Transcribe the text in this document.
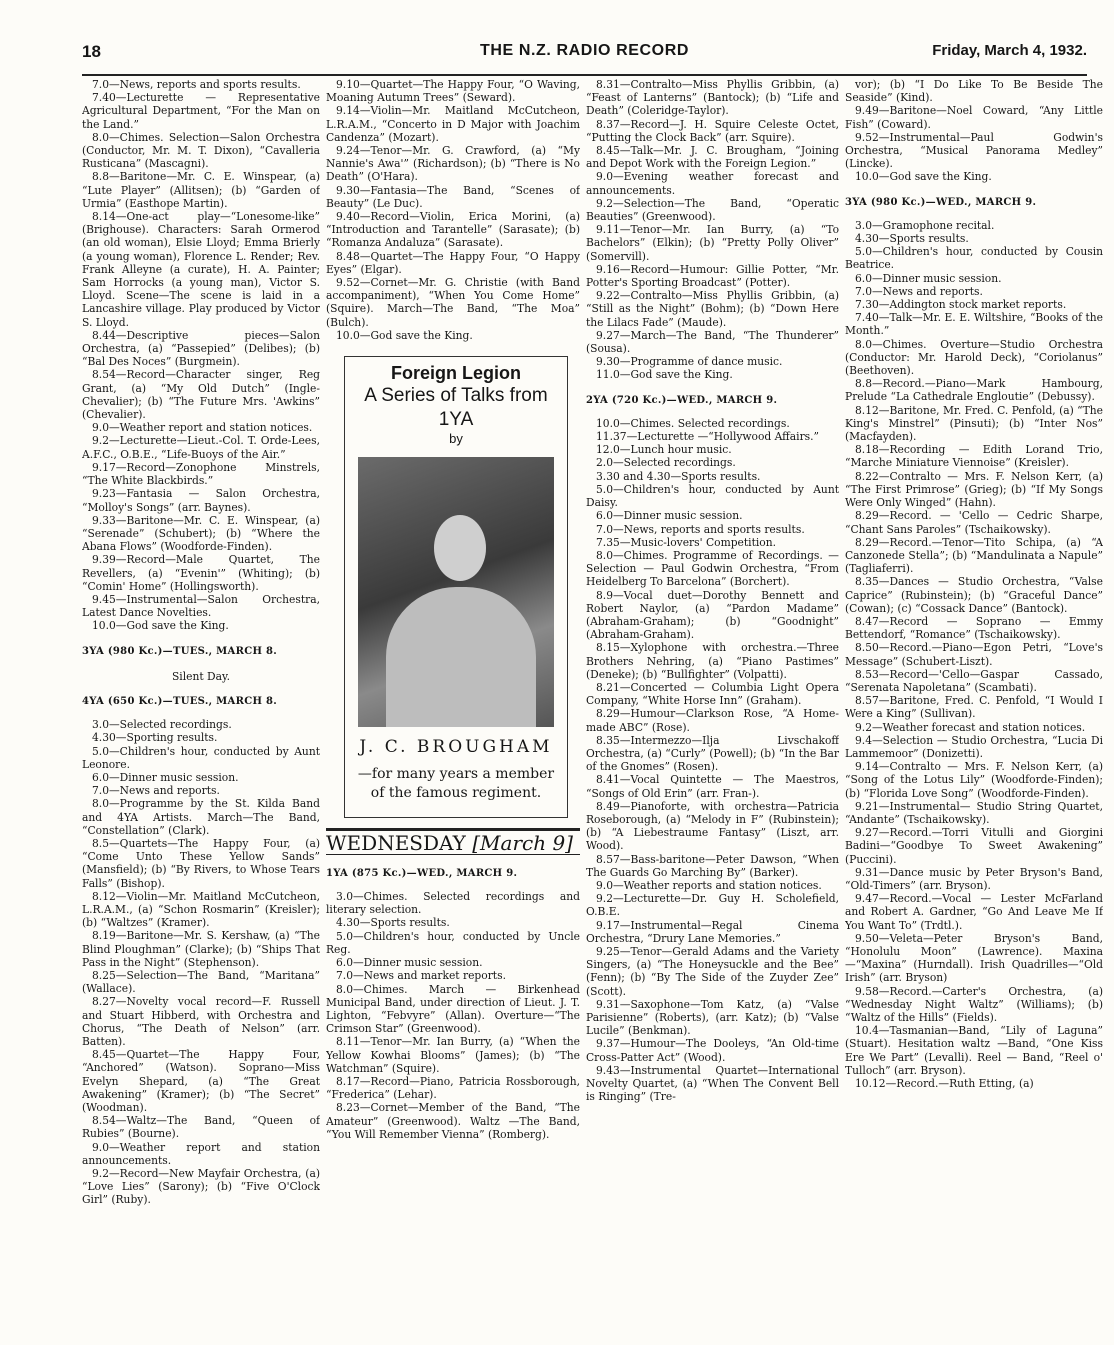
18	THE N.Z. RADIO RECORD	Friday, March 4, 1932.

7.0—News, reports and sports results.

7.40—Lecturette — Representative Agricultural Department, “For the Man on the Land.”

8.0—Chimes. Selection—Salon Orchestra (Conductor, Mr. M. T. Dixon), “Cavalleria Rusticana” (Mascagni).

8.8—Baritone—Mr. C. E. Winspear, (a) “Lute Player” (Allitsen); (b) “Garden of Urmia” (Easthope Martin).

8.14—One-act play—“Lonesome-like” (Brighouse). Characters: Sarah Ormerod (an old woman), Elsie Lloyd; Emma Brierly (a young woman), Florence L. Render; Rev. Frank Alleyne (a curate), H. A. Painter; Sam Horrocks (a young man), Victor S. Lloyd. Scene—The scene is laid in a Lancashire village. Play produced by Victor S. Lloyd.

8.44—Descriptive pieces—Salon Orchestra, (a) “Passepied” (Delibes); (b) “Bal Des Noces” (Burgmein).

8.54—Record—Character singer, Reg Grant, (a) “My Old Dutch” (Ingle-Chevalier); (b) “The Future Mrs. 'Awkins” (Chevalier).

9.0—Weather report and station notices.

9.2—Lecturette—Lieut.-Col. T. Orde-Lees, A.F.C., O.B.E., “Life-Buoys of the Air.”

9.17—Record—Zonophone Minstrels, “The White Blackbirds.”

9.23—Fantasia — Salon Orchestra, “Molloy's Songs” (arr. Baynes).

9.33—Baritone—Mr. C. E. Winspear, (a) “Serenade” (Schubert); (b) “Where the Abana Flows” (Woodforde-Finden).

9.39—Record—Male Quartet, The Revellers, (a) “Evenin'” (Whiting); (b) “Comin' Home” (Hollingsworth).

9.45—Instrumental—Salon Orchestra, Latest Dance Novelties.

10.0—God save the King.

3YA (980 Kc.)—TUES., MARCH 8.

Silent Day.

4YA (650 Kc.)—TUES., MARCH 8.

3.0—Selected recordings.

4.30—Sporting results.

5.0—Children's hour, conducted by Aunt Leonore.

6.0—Dinner music session.

7.0—News and reports.

8.0—Programme by the St. Kilda Band and 4YA Artists. March—The Band, “Constellation” (Clark).

8.5—Quartets—The Happy Four, (a) “Come Unto These Yellow Sands” (Mansfield); (b) “By Rivers, to Whose Tears Falls” (Bishop).

8.12—Violin—Mr. Maitland McCutcheon, L.R.A.M., (a) “Schon Rosmarin” (Kreisler); (b) “Waltzes” (Kramer).

8.19—Baritone—Mr. S. Kershaw, (a) “The Blind Ploughman” (Clarke); (b) “Ships That Pass in the Night” (Stephenson).

8.25—Selection—The Band, “Maritana” (Wallace).

8.27—Novelty vocal record—F. Russell and Stuart Hibberd, with Orchestra and Chorus, “The Death of Nelson” (arr. Batten).

8.45—Quartet—The Happy Four, “Anchored” (Watson). Soprano—Miss Evelyn Shepard, (a) “The Great Awakening” (Kramer); (b) “The Secret” (Woodman).

8.54—Waltz—The Band, “Queen of Rubies” (Bourne).

9.0—Weather report and station announcements.

9.2—Record—New Mayfair Orchestra, (a) “Love Lies” (Sarony); (b) “Five O'Clock Girl” (Ruby).

9.10—Quartet—The Happy Four, “O Waving, Moaning Autumn Trees” (Seward).

9.14—Violin—Mr. Maitland McCutcheon, L.R.A.M., “Concerto in D Major with Joachim Candenza” (Mozart).

9.24—Tenor—Mr. G. Crawford, (a) “My Nannie's Awa'” (Richardson); (b) “There is No Death” (O'Hara).

9.30—Fantasia—The Band, “Scenes of Beauty” (Le Duc).

9.40—Record—Violin, Erica Morini, (a) “Introduction and Tarantelle” (Sarasate); (b) “Romanza Andaluza” (Sarasate).

8.48—Quartet—The Happy Four, “O Happy Eyes” (Elgar).

9.52—Cornet—Mr. G. Christie (with Band accompaniment), “When You Come Home” (Squire). March—The Band, “The Moa” (Bulch).

10.0—God save the King.

Foreign Legion
A Series of Talks from
1YA
by
J. C. BROUGHAM
—for many years a member of the famous regiment.

WEDNESDAY [March 9]

1YA (875 Kc.)—WED., MARCH 9.

3.0—Chimes. Selected recordings and literary selection.

4.30—Sports results.

5.0—Children's hour, conducted by Uncle Reg.

6.0—Dinner music session.

7.0—News and market reports.

8.0—Chimes. March — Birkenhead Municipal Band, under direction of Lieut. J. T. Lighton, “Febvyre” (Allan). Overture—“The Crimson Star” (Greenwood).

8.11—Tenor—Mr. Ian Burry, (a) “When the Yellow Kowhai Blooms” (James); (b) “The Watchman” (Squire).

8.17—Record—Piano, Patricia Rossborough, “Frederica” (Lehar).

8.23—Cornet—Member of the Band, “The Amateur” (Greenwood). Waltz —The Band, “You Will Remember Vienna” (Romberg).

8.31—Contralto—Miss Phyllis Gribbin, (a) “Feast of Lanterns” (Bantock); (b) “Life and Death” (Coleridge-Taylor).

8.37—Record—J. H. Squire Celeste Octet, “Putting the Clock Back” (arr. Squire).

8.45—Talk—Mr. J. C. Brougham, “Joining and Depot Work with the Foreign Legion.”

9.0—Evening weather forecast and announcements.

9.2—Selection—The Band, “Operatic Beauties” (Greenwood).

9.11—Tenor—Mr. Ian Burry, (a) “To Bachelors” (Elkin); (b) “Pretty Polly Oliver” (Somervill).

9.16—Record—Humour: Gillie Potter, “Mr. Potter's Sporting Broadcast” (Potter).

9.22—Contralto—Miss Phyllis Gribbin, (a) “Still as the Night” (Bohm); (b) “Down Here the Lilacs Fade” (Maude).

9.27—March—The Band, “The Thunderer” (Sousa).

9.30—Programme of dance music.

11.0—God save the King.

2YA (720 Kc.)—WED., MARCH 9.

10.0—Chimes. Selected recordings.

11.37—Lecturette —“Hollywood Affairs.”

12.0—Lunch hour music.

2.0—Selected recordings.

3.30 and 4.30—Sports results.

5.0—Children's hour, conducted by Aunt Daisy.

6.0—Dinner music session.

7.0—News, reports and sports results.

7.35—Music-lovers' Competition.

8.0—Chimes. Programme of Recordings. — Selection — Paul Godwin Orchestra, “From Heidelberg To Barcelona” (Borchert).

8.9—Vocal duet—Dorothy Bennett and Robert Naylor, (a) “Pardon Madame” (Abraham-Graham); (b) “Goodnight” (Abraham-Graham).

8.15—Xylophone with orchestra.—Three Brothers Nehring, (a) “Piano Pastimes” (Deneke); (b) “Bullfighter” (Volpatti).

8.21—Concerted — Columbia Light Opera Company, “White Horse Inn” (Graham).

8.29—Humour—Clarkson Rose, “A Home-made ABC” (Rose).

8.35—Intermezzo—Ilja Livschakoff Orchestra, (a) “Curly” (Powell); (b) “In the Bar of the Gnomes” (Rosen).

8.41—Vocal Quintette — The Maestros, “Songs of Old Erin” (arr. Fran-).

8.49—Pianoforte, with orchestra—Patricia Roseborough, (a) “Melody in F” (Rubinstein); (b) “A Liebestraume Fantasy” (Liszt, arr. Wood).

8.57—Bass-baritone—Peter Dawson, “When The Guards Go Marching By” (Barker).

9.0—Weather reports and station notices.

9.2—Lecturette—Dr. Guy H. Scholefield, O.B.E.

9.17—Instrumental—Regal Cinema Orchestra, “Drury Lane Memories.”

9.25—Tenor—Gerald Adams and the Variety Singers, (a) “The Honeysuckle and the Bee” (Fenn); (b) “By The Side of the Zuyder Zee” (Scott).

9.31—Saxophone—Tom Katz, (a) “Valse Parisienne” (Roberts), (arr. Katz); (b) “Valse Lucile” (Benkman).

9.37—Humour—The Dooleys, “An Old-time Cross-Patter Act” (Wood).

9.43—Instrumental Quartet—International Novelty Quartet, (a) “When The Convent Bell is Ringing” (Tre-

vor); (b) “I Do Like To Be Beside The Seaside” (Kind).

9.49—Baritone—Noel Coward, “Any Little Fish” (Coward).

9.52—Instrumental—Paul Godwin's Orchestra, “Musical Panorama Medley” (Lincke).

10.0—God save the King.

3YA (980 Kc.)—WED., MARCH 9.

3.0—Gramophone recital.

4.30—Sports results.

5.0—Children's hour, conducted by Cousin Beatrice.

6.0—Dinner music session.

7.0—News and reports.

7.30—Addington stock market reports.

7.40—Talk—Mr. E. E. Wiltshire, “Books of the Month.”

8.0—Chimes. Overture—Studio Orchestra (Conductor: Mr. Harold Deck), “Coriolanus” (Beethoven).

8.8—Record.—Piano—Mark Hambourg, Prelude “La Cathedrale Engloutie” (Debussy).

8.12—Baritone, Mr. Fred. C. Penfold, (a) “The King's Minstrel” (Pinsuti); (b) “Inter Nos” (Macfayden).

8.18—Recording — Edith Lorand Trio, “Marche Miniature Viennoise” (Kreisler).

8.22—Contralto — Mrs. F. Nelson Kerr, (a) “The First Primrose” (Grieg); (b) “If My Songs Were Only Winged” (Hahn).

8.29—Record. — 'Cello — Cedric Sharpe, “Chant Sans Paroles” (Tschaikowsky).

8.29—Record.—Tenor—Tito Schipa, (a) “A Canzonede Stella”; (b) “Mandulinata a Napule” (Tagliaferri).

8.35—Dances — Studio Orchestra, “Valse Caprice” (Rubinstein); (b) “Graceful Dance” (Cowan); (c) “Cossack Dance” (Bantock).

8.47—Record — Soprano — Emmy Bettendorf, “Romance” (Tschaikowsky).

8.50—Record.—Piano—Egon Petri, “Love's Message” (Schubert-Liszt).

8.53—Record—'Cello—Gaspar Cassado, “Serenata Napoletana” (Scambati).

8.57—Baritone, Fred. C. Penfold, “I Would I Were a King” (Sullivan).

9.2—Weather forecast and station notices.

9.4—Selection — Studio Orchestra, “Lucia Di Lammemoor” (Donizetti).

9.14—Contralto — Mrs. F. Nelson Kerr, (a) “Song of the Lotus Lily” (Woodforde-Finden); (b) “Florida Love Song” (Woodforde-Finden).

9.21—Instrumental— Studio String Quartet, “Andante” (Tschaikowsky).

9.27—Record.—Torri Vitulli and Giorgini Badini—“Goodbye To Sweet Awakening” (Puccini).

9.31—Dance music by Peter Bryson's Band, “Old-Timers” (arr. Bryson).

9.47—Record.—Vocal — Lester McFarland and Robert A. Gardner, “Go And Leave Me If You Want To” (Trdtl.).

9.50—Veleta—Peter Bryson's Band, “Honolulu Moon” (Lawrence). Maxina—“Maxina” (Hurndall). Irish Quadrilles—“Old Irish” (arr. Bryson)

9.58—Record.—Carter's Orchestra, (a) “Wednesday Night Waltz” (Williams); (b) “Waltz of the Hills” (Fields).

10.4—Tasmanian—Band, “Lily of Laguna” (Stuart). Hesitation waltz —Band, “One Kiss Ere We Part” (Levalli). Reel — Band, “Reel o' Tulloch” (arr. Bryson).

10.12—Record.—Ruth Etting, (a)
